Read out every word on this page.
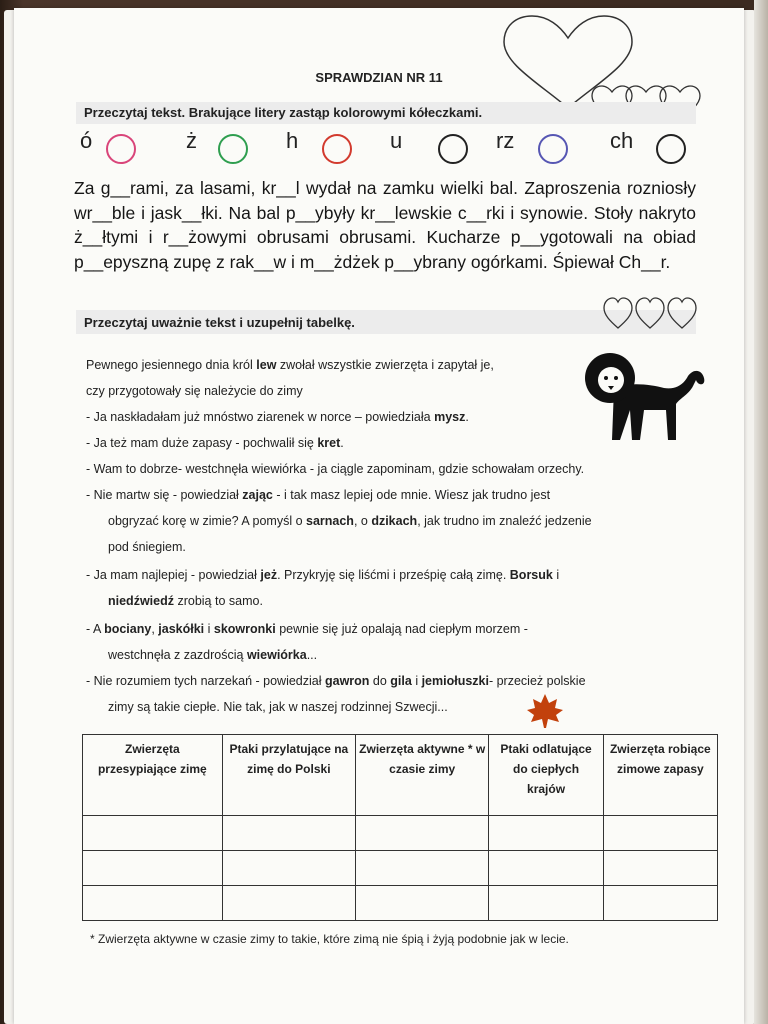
SPRAWDZIAN NR 11
Przeczytaj tekst. Brakujące litery zastąp kolorowymi kółeczkami.
ó	ż	h	u	rz	ch
Za g__rami, za lasami, kr__l wydał na zamku wielki bal. Zaproszenia rozniosły wr__ble i jask__łki. Na bal p__ybyły kr__lewskie c__rki i synowie. Stoły nakryto ż__łtymi i r__żowymi obrusami obrusami. Kucharze p__ygotowali na obiad p__epyszną zupę z rak__w i m__żdżek p__ybrany ogórkami. Śpiewał Ch__r.
Przeczytaj uważnie tekst i uzupełnij tabelkę.
Pewnego jesiennego dnia król lew zwołał wszystkie zwierzęta i zapytał je,
czy przygotowały się należycie do zimy
- Ja naskładałam już mnóstwo ziarenek w norce – powiedziała mysz.
- Ja też mam duże zapasy - pochwalił się kret.
- Wam to dobrze- westchnęła wiewiórka - ja ciągle zapominam, gdzie schowałam orzechy.
- Nie martw się - powiedział zając - i tak masz lepiej ode mnie. Wiesz jak trudno jest
obgryzać korę w zimie? A pomyśl o sarnach, o dzikach, jak trudno im znaleźć jedzenie
pod śniegiem.
- Ja mam najlepiej - powiedział jeż. Przykryję się liśćmi i prześpię całą zimę. Borsuk i
niedźwiedź zrobią to samo.
- A bociany, jaskółki i skowronki pewnie się już opalają nad ciepłym morzem -
westchnęła z zazdrością wiewiórka...
- Nie rozumiem tych narzekań - powiedział gawron do gila i jemiołuszki- przecież polskie
zimy są takie ciepłe. Nie tak, jak w naszej rodzinnej Szwecji...
Zwierzęta przesypiające zimę	Ptaki przylatujące na zimę do Polski	Zwierzęta aktywne * w czasie zimy	Ptaki odlatujące do ciepłych krajów	Zwierzęta robiące zimowe zapasy

* Zwierzęta aktywne w czasie zimy to takie, które zimą nie śpią i żyją podobnie jak w lecie.
